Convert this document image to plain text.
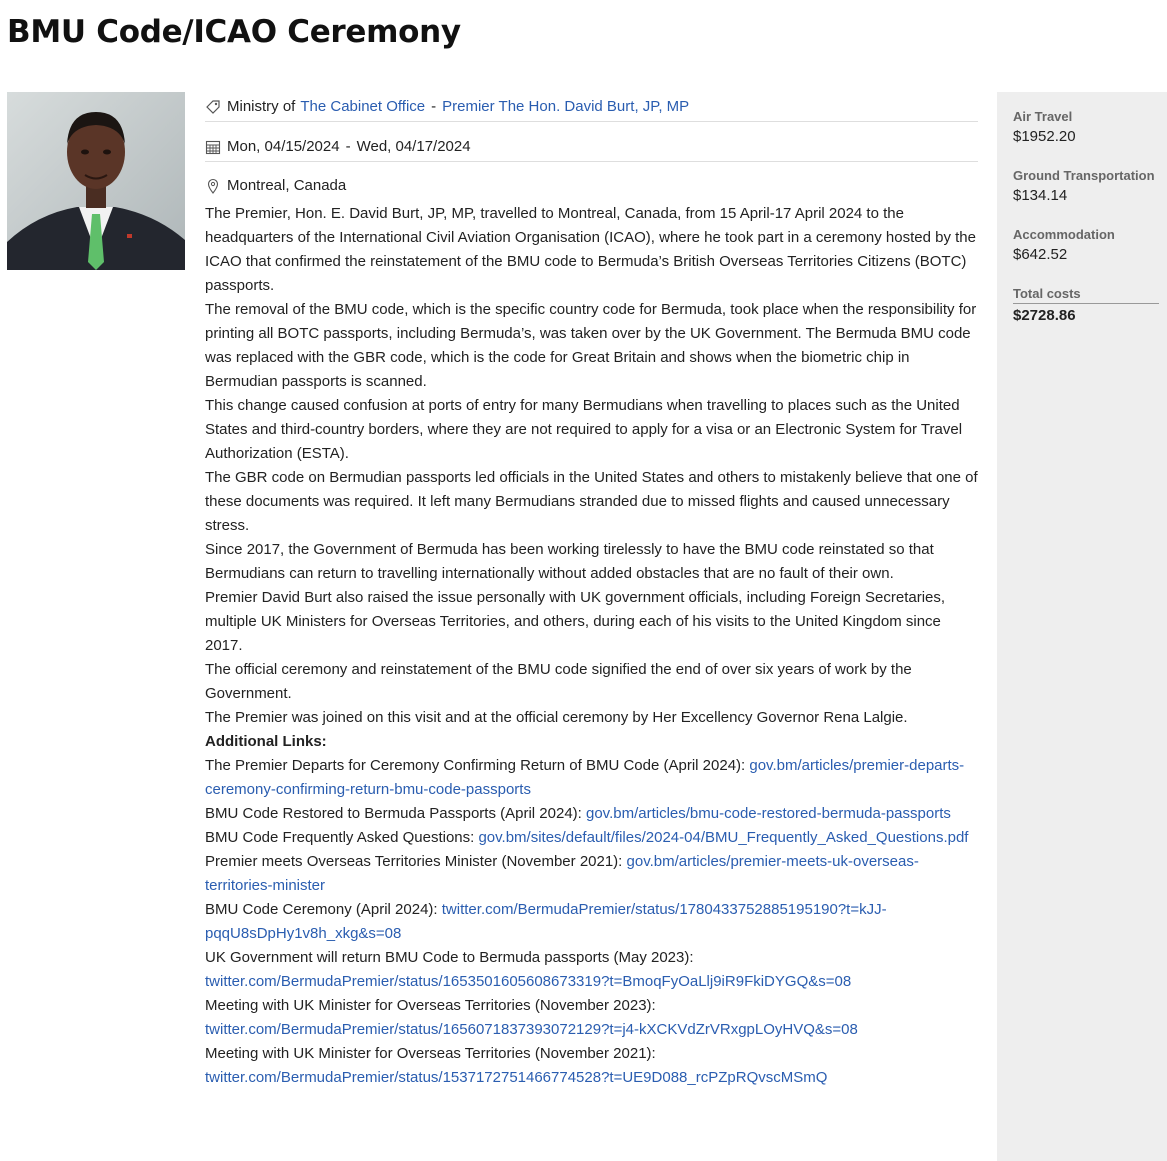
BMU Code/ICAO Ceremony
Ministry of The Cabinet Office - Premier The Hon. David Burt, JP, MP
Mon, 04/15/2024 - Wed, 04/17/2024
Montreal, Canada

The Premier, Hon. E. David Burt, JP, MP, travelled to Montreal, Canada, from 15 April-17 April 2024 to the headquarters of the International Civil Aviation Organisation (ICAO), where he took part in a ceremony hosted by the ICAO that confirmed the reinstatement of the BMU code to Bermuda’s British Overseas Territories Citizens (BOTC) passports.

The removal of the BMU code, which is the specific country code for Bermuda, took place when the responsibility for printing all BOTC passports, including Bermuda’s, was taken over by the UK Government. The Bermuda BMU code was replaced with the GBR code, which is the code for Great Britain and shows when the biometric chip in Bermudian passports is scanned.

This change caused confusion at ports of entry for many Bermudians when travelling to places such as the United States and third-country borders, where they are not required to apply for a visa or an Electronic System for Travel Authorization (ESTA).

The GBR code on Bermudian passports led officials in the United States and others to mistakenly believe that one of these documents was required. It left many Bermudians stranded due to missed flights and caused unnecessary stress.

Since 2017, the Government of Bermuda has been working tirelessly to have the BMU code reinstated so that Bermudians can return to travelling internationally without added obstacles that are no fault of their own.

Premier David Burt also raised the issue personally with UK government officials, including Foreign Secretaries, multiple UK Ministers for Overseas Territories, and others, during each of his visits to the United Kingdom since 2017.

The official ceremony and reinstatement of the BMU code signified the end of over six years of work by the Government.

The Premier was joined on this visit and at the official ceremony by Her Excellency Governor Rena Lalgie.

Additional Links:

The Premier Departs for Ceremony Confirming Return of BMU Code (April 2024): gov.bm/articles/premier-departs-ceremony-confirming-return-bmu-code-passports

BMU Code Restored to Bermuda Passports (April 2024): gov.bm/articles/bmu-code-restored-bermuda-passports

BMU Code Frequently Asked Questions: gov.bm/sites/default/files/2024-04/BMU_Frequently_Asked_Questions.pdf

Premier meets Overseas Territories Minister (November 2021): gov.bm/articles/premier-meets-uk-overseas-territories-minister

BMU Code Ceremony (April 2024): twitter.com/BermudaPremier/status/1780433752885195190?t=kJJ-pqqU8sDpHy1v8h_xkg&s=08

UK Government will return BMU Code to Bermuda passports (May 2023): twitter.com/BermudaPremier/status/1653501605608673319?t=BmoqFyOaLlj9iR9FkiDYGQ&s=08

Meeting with UK Minister for Overseas Territories (November 2023): twitter.com/BermudaPremier/status/1656071837393072129?t=j4-kXCKVdZrVRxgpLOyHVQ&s=08

Meeting with UK Minister for Overseas Territories (November 2021): twitter.com/BermudaPremier/status/1537172751466774528?t=UE9D088_rcPZpRQvscMSmQ

Air Travel
$1952.20
Ground Transportation
$134.14
Accommodation
$642.52
Total costs
$2728.86
